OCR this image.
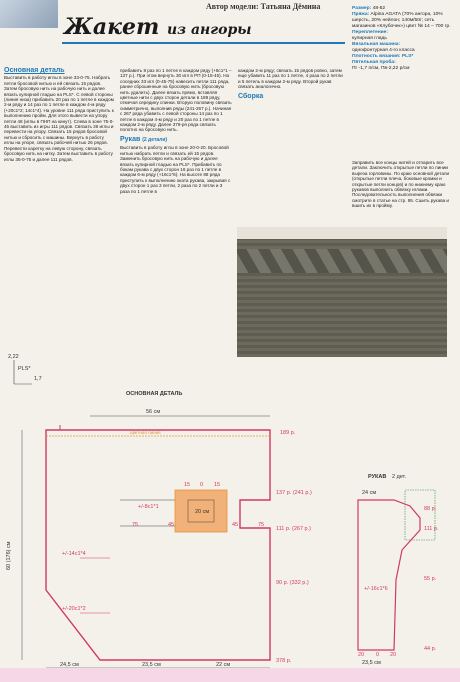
Автор модели: Татьяна Дёмина
Жакет из ангоры

Размер: 48-52

Пряжа: Alpina AGATA (70% ангора, 10% шерсть, 20% нейлон; 140м/50г; сеть магазинов «Клубочек») цвет № 14 – 700 гр.

Переплетение:

кулирная гладь

Вязальная машина:

однофонтурная 4-го класса

Плотность вязания: PLS*

Пятельная проба:

Пг -1,7 п/см, Пв-2,22 р/см

Основная деталь

Выставить в работу иглы в зоне 33-0-75. Набрать петли бросовой нитью и ей связать 15 рядов. Затем бросовую нить на рабочую нить и далее вязать кулирной гладью на PLS*. С левой стороны (линия низа) прибавить 20 раз по 1 петле в каждом 2-м ряду и 14 раз по 1 петле в каждом 4-м ряду (+20с1*2; 14с1*4). На уровне 111 ряда приступить к выполнению пройм. Для этого вывести на упору петли 48 (иглы в ПНП на кинут). Слева в зоне 75-0-45 выставить из игры 111 рядов. Связать 36 иглы и перевести на упору. Связать 15 рядов бросовой нитью и сбросить с машины. Вернуть в работу иглы на упоре, связать рабочей нитью 26 рядов. Перевести каретку на левую сторону, связать бросовую нить на нитку. Затем выставить в работу иглы 35-0-75 и далее 111 рядов.

прибавить 8 раз по 1 петле в каждом ряду (+8с1*1 – 137 р.). При этом вернуть 30 игл в РП (0-15-45). На соседних 33 игл (0-45-75) навесить петли 111 ряда, ранее сброшенные на бросовую нить (бросовую нить удалить). Далее вязать прямо, вставляя цветные нити с двух сторон детали в 189 ряду, отмечая середину спинки. Вторую половину связать симметрично, выполнив ряды (241-267 р.). Начиная с 267 ряда убавить с левой стороны 14 раз по 1 петле в каждом 4-м ряду и 20 раз по 1 петле в каждом 2-м ряду. Далее 378-ря ряда связать полотно на бросовую нить.

Рукав (2 детали)

Выставить в работу иглы в зоне 20-0-20. Бросовой нитью набрать петли и связать ей 15 рядов. Заменить бросовую нить на рабочую и далее вязать кулирной гладью на PLS*. Прибавить по бокам рукава с двух сторон 16 раз по 1 петле в каждом 6-м ряду (+16с1*6). На высоте 88 ряда приступить к выполнению оката рукава, закрывая с двух сторон 1 раз 3 петли, 2 раза по 2 петли и 3 раза по 1 петле в

каждом 2-м ряду; связать 15 рядов ровно, затем еще убавить 11 раз по 1 петле, 4 раза по 2 петли и 5 петель в каждом 2-м ряду. Второй рукав связать аналогично.

Сборка

Заправить все концы нитей и отпарить все детали. Заключить открытые петли по линии выреза горловины. По краю основной детали (открытые петли плеча, боковые кромки и открытые петли концов) и по нижнему краю рукавов выполнить обвязку иглами. Последовательность выполнения обвязки смотрите в статье на стр. 95. Сшить рукава и вшить их в пройму.

2,22
PLS*
1,7
ОСНОВНАЯ ДЕТАЛЬ
56 см
цветная линия
20 см
75	45
15 0 15
45	75
189 р.
137 р. (241 р.)
111 р. (267 р.)
90 р. (332 р.)
378 р.
+/-8с1*1
+/-14с1*4
+/-20с1*2
60 (176) см
24,5 см	23,5 см	22 см
РУКАВ 2 дет.
88 р.
111 р.
55 р.
44 р.
+/-16с1*6
24 см
23,5 см
20 0 20
